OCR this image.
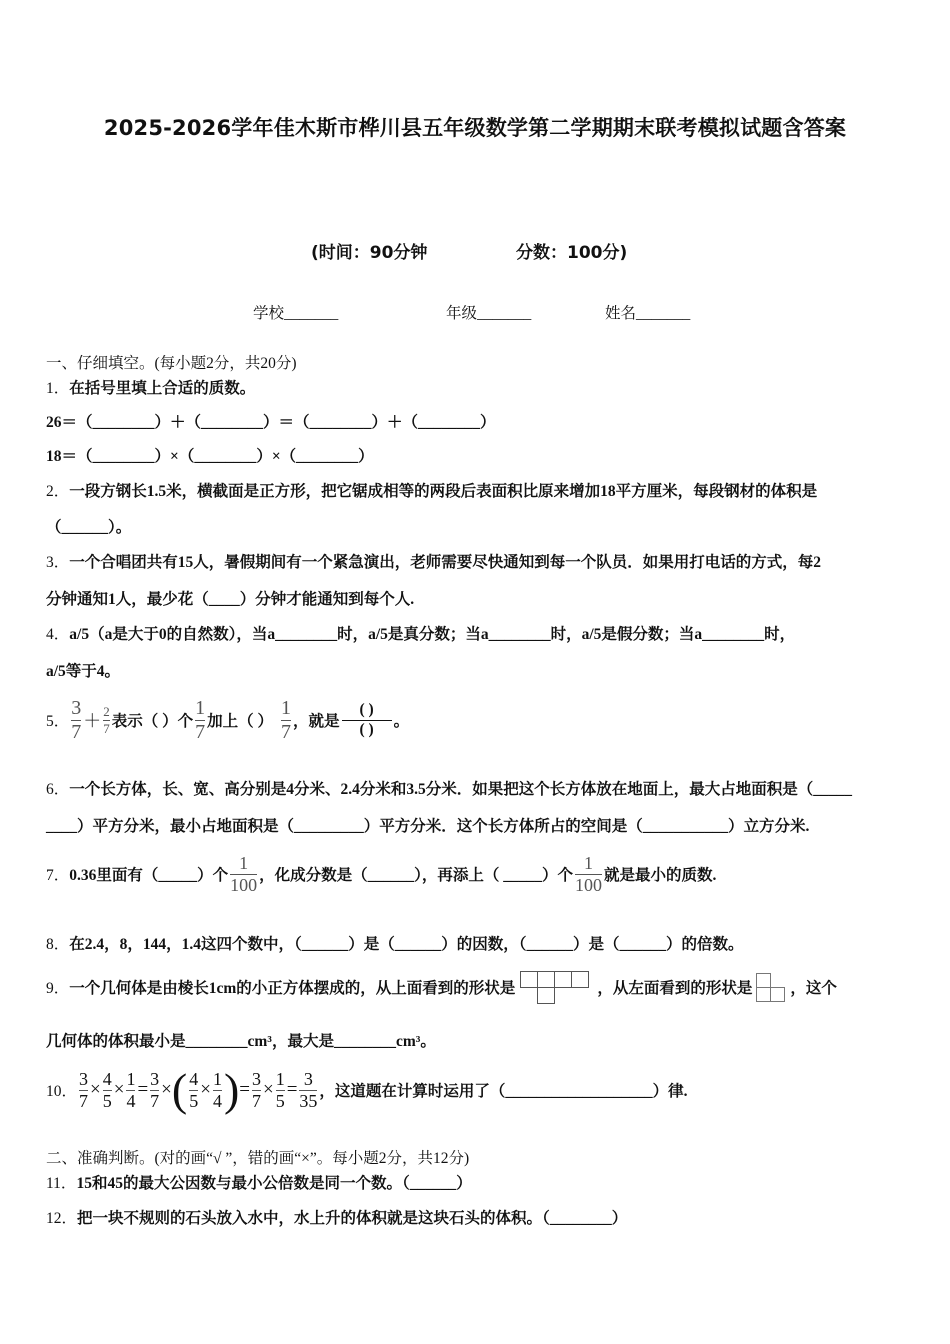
2025-2026学年佳木斯市桦川县五年级数学第二学期期末联考模拟试题含答案
(时间：90分钟	分数：100分)
学校_______	年级_______	姓名_______
一、仔细填空。(每小题2分，共20分)
1．在括号里填上合适的质数。
26＝（________）＋（________）＝（________）＋（________）
18＝（________）×（________）×（________）
2．一段方钢长1.5米，横截面是正方形，把它锯成相等的两段后表面积比原来增加18平方厘米，每段钢材的体积是
（______）。
3．一个合唱团共有15人，暑假期间有一个紧急演出，老师需要尽快通知到每一个队员．如果用打电话的方式，每2
分钟通知1人，最少花（____）分钟才能通知到每个人.
4．a/5（a是大于0的自然数），当a________时，a/5是真分数；当a________时，a/5是假分数；当a________时，
a/5等于4。
5． $\frac{3}{7} + \frac{2}{7}$ 表示（ ）个 $\frac{1}{7}$ 加上（ ） $\frac{1}{7}$ ，就是 $\frac{( )}{( )}$ 。
6．一个长方体，长、宽、高分别是4分米、2.4分米和3.5分米．如果把这个长方体放在地面上，最大占地面积是（_____
____）平方分米，最小占地面积是（_________）平方分米．这个长方体所占的空间是（___________）立方分米.
7． 0.36里面有（_____）个 $\frac{1}{100}$ ，化成分数是（______），再添上（ _____）个 $\frac{1}{100}$ 就是最小的质数.
8．在2.4，8，144，1.4这四个数中，（______）是（______）的因数，（______）是（______）的倍数。
9． 一个几何体是由棱长1cm的小正方体摆成的，从上面看到的形状是	，从左面看到的形状是 ，这个
几何体的体积最小是________cm³，最大是________cm³。
10． $\frac{3}{7} \times \frac{4}{5} \times \frac{1}{4} = \frac{3}{7}$ × ( $\frac{4}{5} \times \frac{1}{4}$ ) = $\frac{3}{7} \times \frac{1}{5} = \frac{3}{35}$ ，这道题在计算时运用了（___________________）律.
二、准确判断。(对的画“√ ”，错的画“×”。每小题2分，共12分)
11．15和45的最大公因数与最小公倍数是同一个数。（______）
12．把一块不规则的石头放入水中，水上升的体积就是这块石头的体积。（________）
